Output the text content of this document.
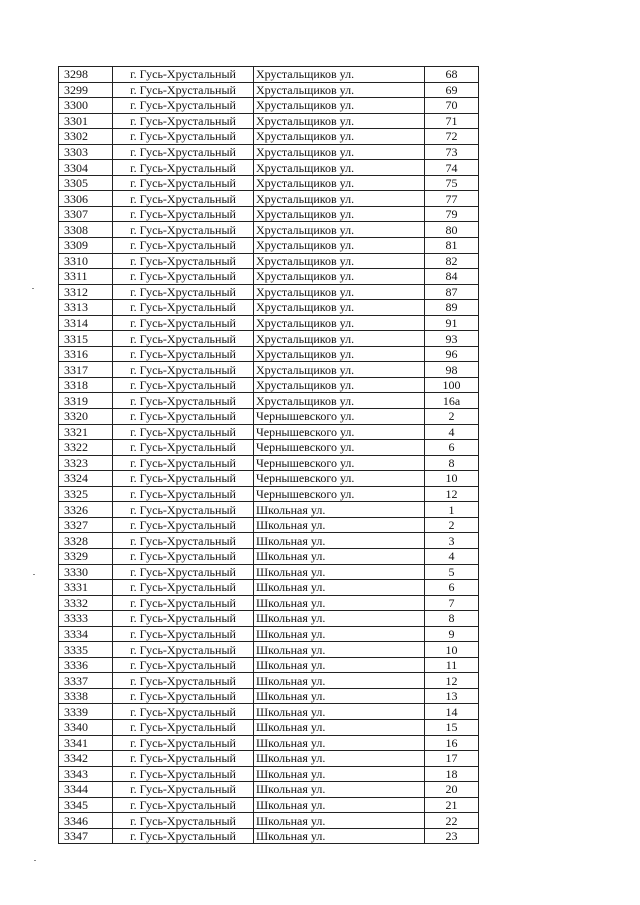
3298	г. Гусь-Хрустальный	Хрустальщиков ул.	68
3299	г. Гусь-Хрустальный	Хрустальщиков ул.	69
3300	г. Гусь-Хрустальный	Хрустальщиков ул.	70
3301	г. Гусь-Хрустальный	Хрустальщиков ул.	71
3302	г. Гусь-Хрустальный	Хрустальщиков ул.	72
3303	г. Гусь-Хрустальный	Хрустальщиков ул.	73
3304	г. Гусь-Хрустальный	Хрустальщиков ул.	74
3305	г. Гусь-Хрустальный	Хрустальщиков ул.	75
3306	г. Гусь-Хрустальный	Хрустальщиков ул.	77
3307	г. Гусь-Хрустальный	Хрустальщиков ул.	79
3308	г. Гусь-Хрустальный	Хрустальщиков ул.	80
3309	г. Гусь-Хрустальный	Хрустальщиков ул.	81
3310	г. Гусь-Хрустальный	Хрустальщиков ул.	82
3311	г. Гусь-Хрустальный	Хрустальщиков ул.	84
3312	г. Гусь-Хрустальный	Хрустальщиков ул.	87
3313	г. Гусь-Хрустальный	Хрустальщиков ул.	89
3314	г. Гусь-Хрустальный	Хрустальщиков ул.	91
3315	г. Гусь-Хрустальный	Хрустальщиков ул.	93
3316	г. Гусь-Хрустальный	Хрустальщиков ул.	96
3317	г. Гусь-Хрустальный	Хрустальщиков ул.	98
3318	г. Гусь-Хрустальный	Хрустальщиков ул.	100
3319	г. Гусь-Хрустальный	Хрустальщиков ул.	16а
3320	г. Гусь-Хрустальный	Чернышевского ул.	2
3321	г. Гусь-Хрустальный	Чернышевского ул.	4
3322	г. Гусь-Хрустальный	Чернышевского ул.	6
3323	г. Гусь-Хрустальный	Чернышевского ул.	8
3324	г. Гусь-Хрустальный	Чернышевского ул.	10
3325	г. Гусь-Хрустальный	Чернышевского ул.	12
3326	г. Гусь-Хрустальный	Школьная ул.	1
3327	г. Гусь-Хрустальный	Школьная ул.	2
3328	г. Гусь-Хрустальный	Школьная ул.	3
3329	г. Гусь-Хрустальный	Школьная ул.	4
3330	г. Гусь-Хрустальный	Школьная ул.	5
3331	г. Гусь-Хрустальный	Школьная ул.	6
3332	г. Гусь-Хрустальный	Школьная ул.	7
3333	г. Гусь-Хрустальный	Школьная ул.	8
3334	г. Гусь-Хрустальный	Школьная ул.	9
3335	г. Гусь-Хрустальный	Школьная ул.	10
3336	г. Гусь-Хрустальный	Школьная ул.	11
3337	г. Гусь-Хрустальный	Школьная ул.	12
3338	г. Гусь-Хрустальный	Школьная ул.	13
3339	г. Гусь-Хрустальный	Школьная ул.	14
3340	г. Гусь-Хрустальный	Школьная ул.	15
3341	г. Гусь-Хрустальный	Школьная ул.	16
3342	г. Гусь-Хрустальный	Школьная ул.	17
3343	г. Гусь-Хрустальный	Школьная ул.	18
3344	г. Гусь-Хрустальный	Школьная ул.	20
3345	г. Гусь-Хрустальный	Школьная ул.	21
3346	г. Гусь-Хрустальный	Школьная ул.	22
3347	г. Гусь-Хрустальный	Школьная ул.	23
